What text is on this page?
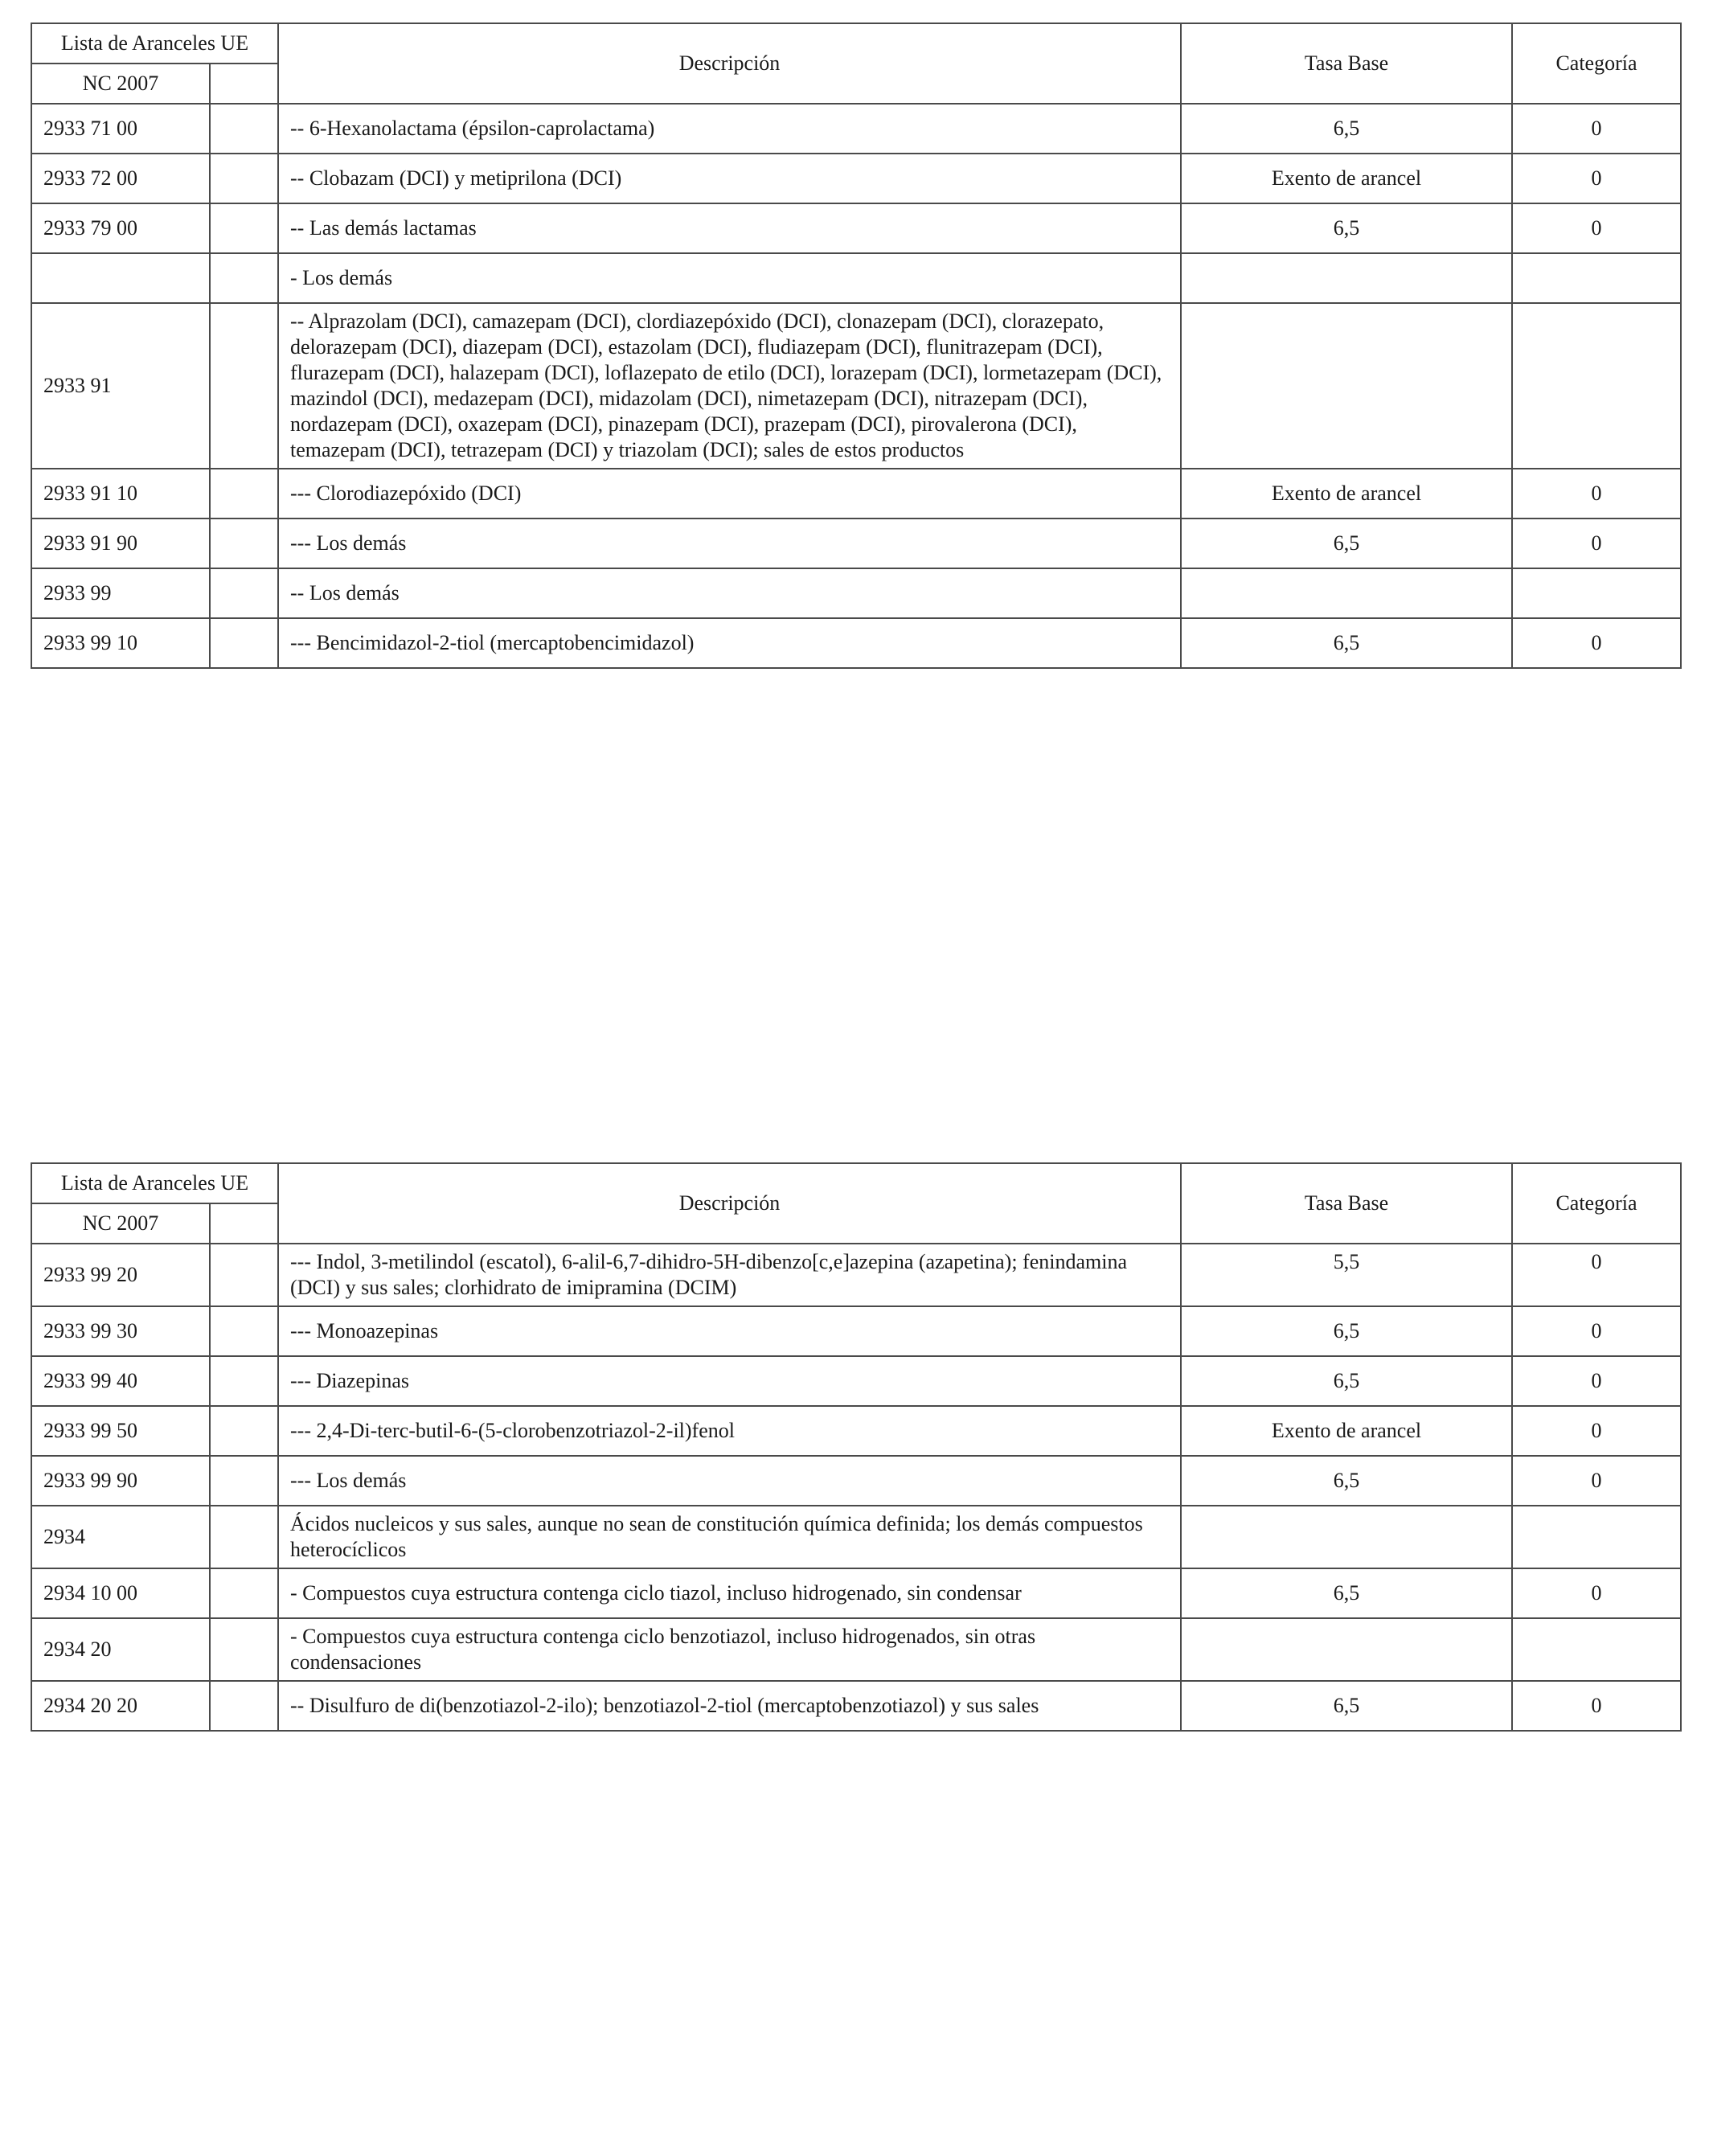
Lista de Aranceles UE		Descripción	Tasa Base	Categoría
NC 2007				
2933 71 00		-- 6-Hexanolactama (épsilon-caprolactama)	6,5	0
2933 72 00		-- Clobazam (DCI) y metiprilona (DCI)	Exento de arancel	0
2933 79 00		-- Las demás lactamas	6,5	0
		- Los demás		
2933 91		-- Alprazolam (DCI), camazepam (DCI), clordiazepóxido (DCI), clonazepam (DCI), clorazepato, delorazepam (DCI), diazepam (DCI), estazolam (DCI), fludiazepam (DCI), flunitrazepam (DCI), flurazepam (DCI), halazepam (DCI), loflazepato de etilo (DCI), lorazepam (DCI), lormetazepam (DCI), mazindol (DCI), medazepam (DCI), midazolam (DCI), nimetazepam (DCI), nitrazepam (DCI), nordazepam (DCI), oxazepam (DCI), pinazepam (DCI), prazepam (DCI), pirovalerona (DCI), temazepam (DCI), tetrazepam (DCI) y triazolam (DCI); sales de estos productos		
2933 91 10		--- Clorodiazepóxido (DCI)	Exento de arancel	0
2933 91 90		--- Los demás	6,5	0
2933 99		-- Los demás		
2933 99 10		--- Bencimidazol-2-tiol (mercaptobencimidazol)	6,5	0
Lista de Aranceles UE		Descripción	Tasa Base	Categoría
NC 2007				
2933 99 20		--- Indol, 3-metilindol (escatol), 6-alil-6,7-dihidro-5H-dibenzo[c,e]azepina (azapetina); fenindamina (DCI) y sus sales; clorhidrato de imipramina (DCIM)	5,5	0
2933 99 30		--- Monoazepinas	6,5	0
2933 99 40		--- Diazepinas	6,5	0
2933 99 50		--- 2,4-Di-terc-butil-6-(5-clorobenzotriazol-2-il)fenol	Exento de arancel	0
2933 99 90		--- Los demás	6,5	0
2934		Ácidos nucleicos y sus sales, aunque no sean de constitución química definida; los demás compuestos heterocíclicos		
2934 10 00		- Compuestos cuya estructura contenga ciclo tiazol, incluso hidrogenado, sin condensar	6,5	0
2934 20		- Compuestos cuya estructura contenga ciclo benzotiazol, incluso hidrogenados, sin otras condensaciones		
2934 20 20		-- Disulfuro de di(benzotiazol-2-ilo); benzotiazol-2-tiol (mercaptobenzotiazol) y sus sales	6,5	0
